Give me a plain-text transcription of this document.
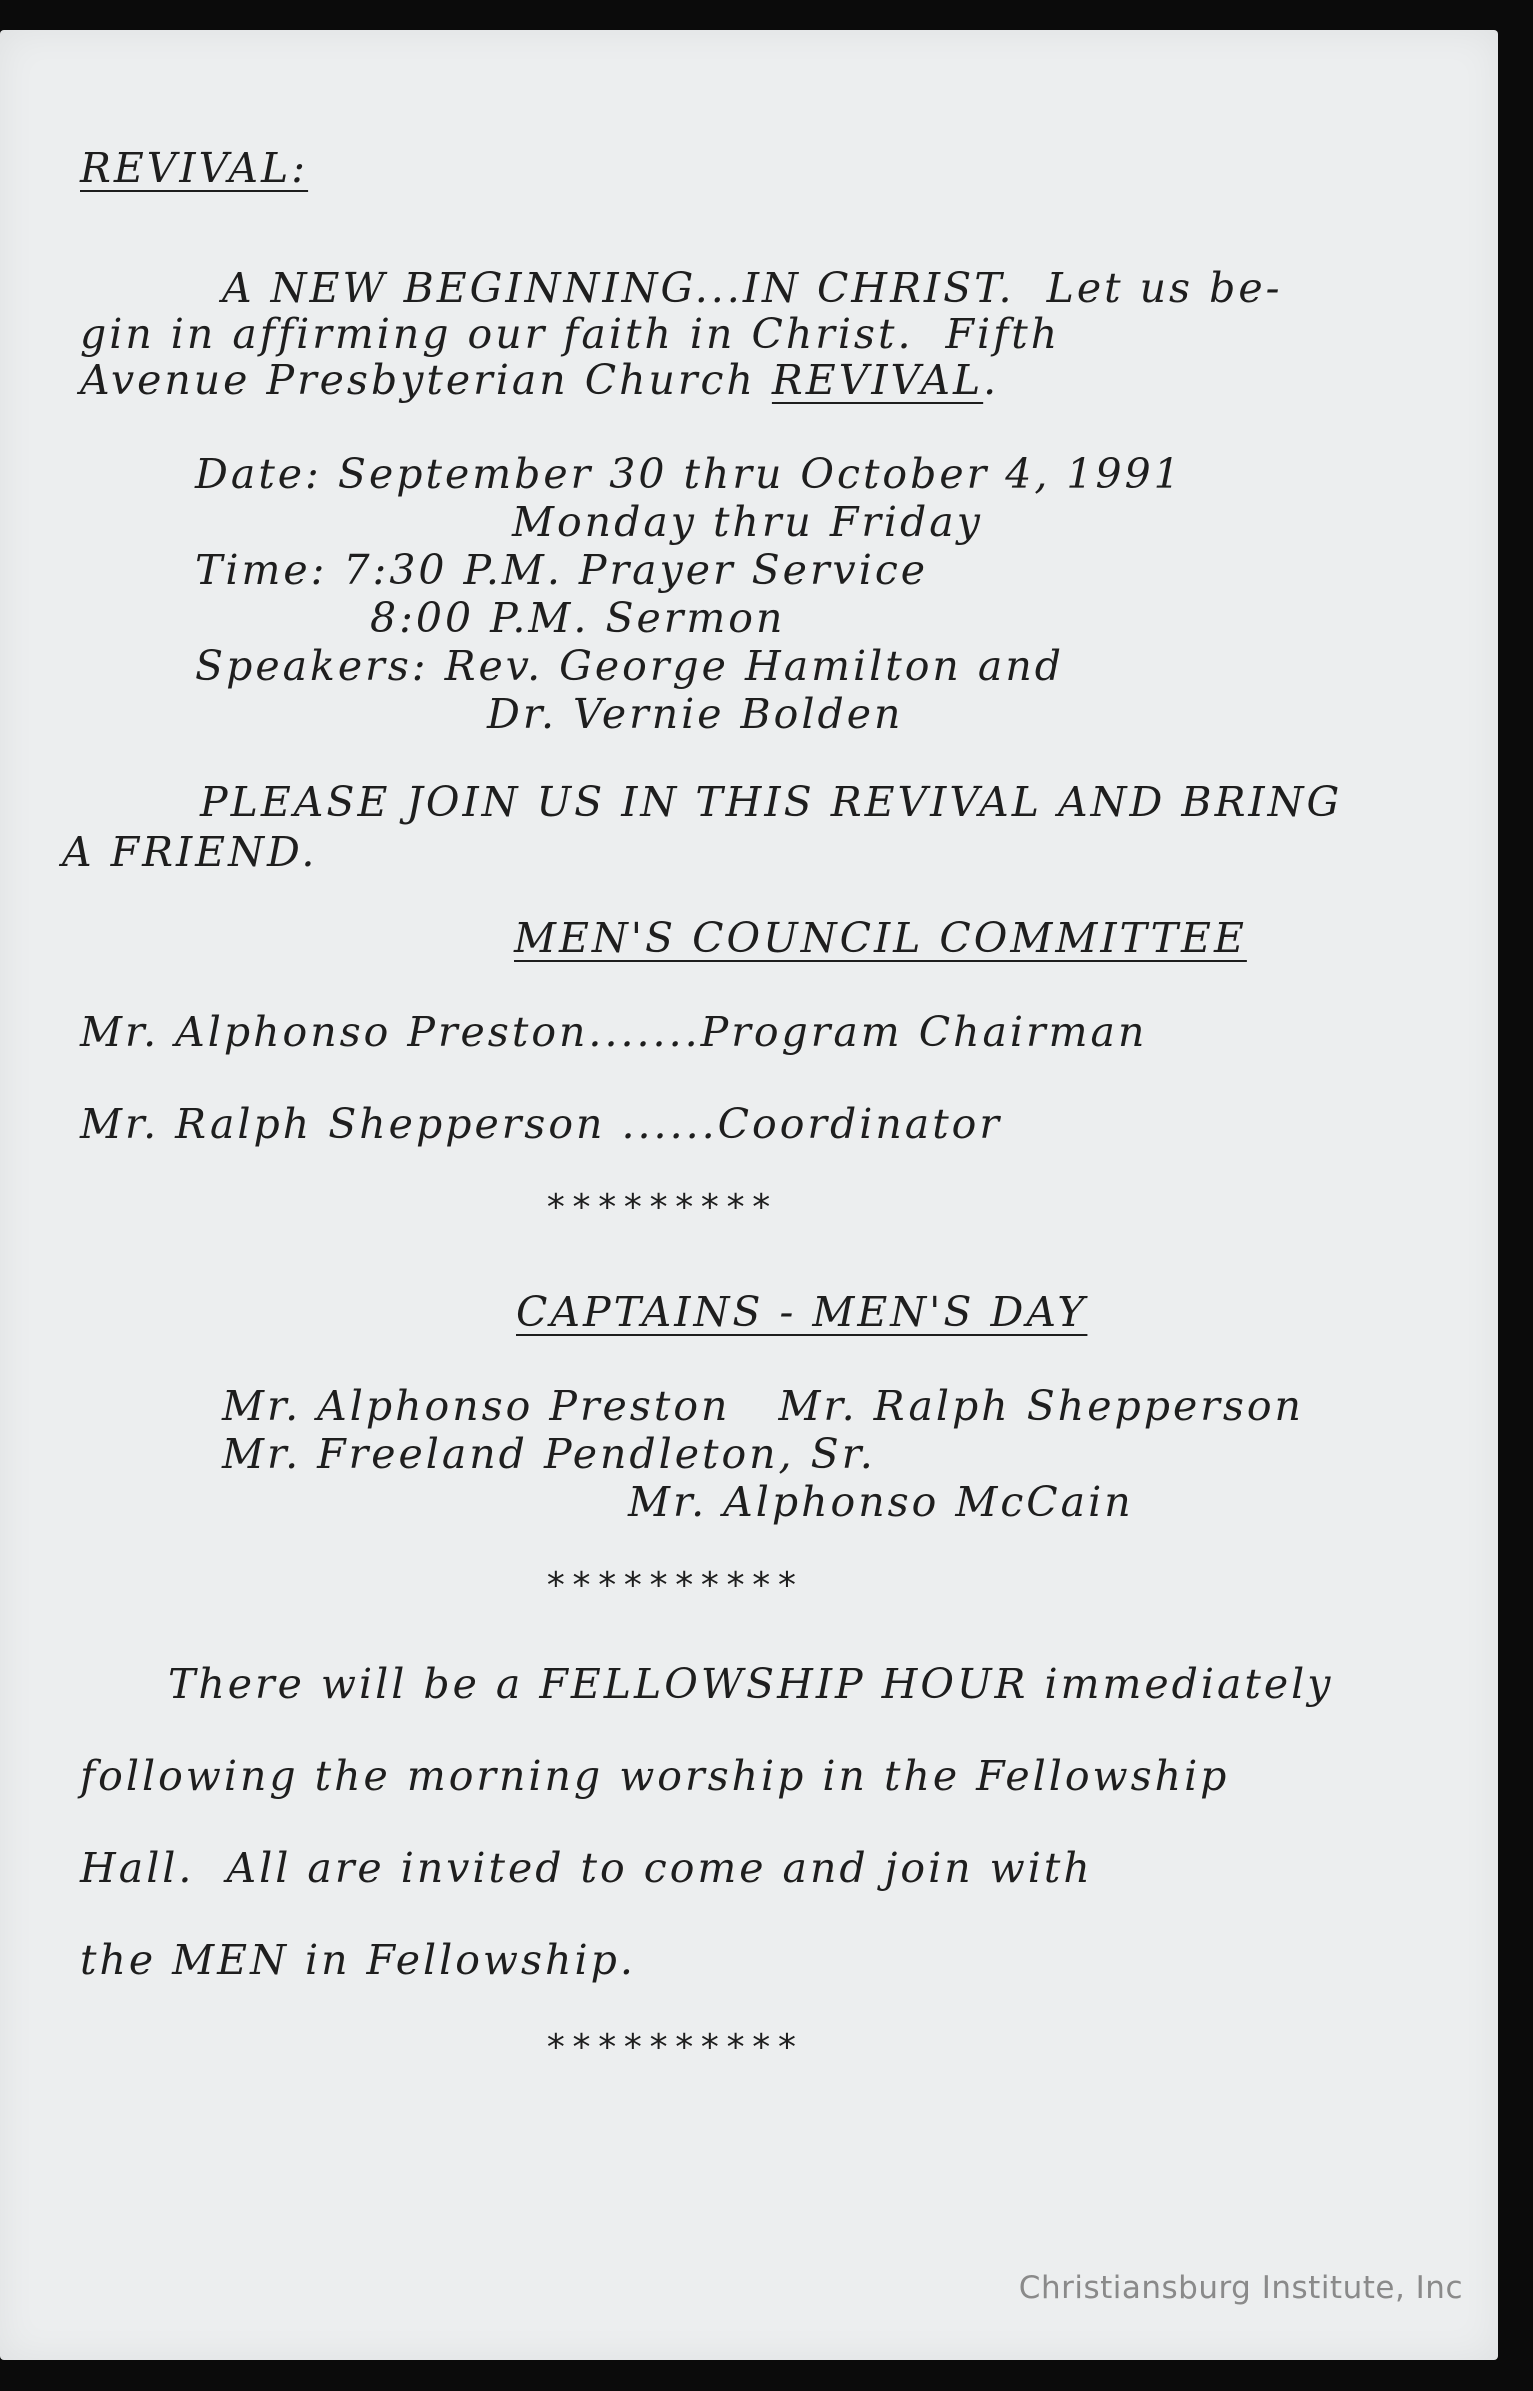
REVIVAL:
A NEW BEGINNING...IN CHRIST.  Let us be-
gin in affirming our faith in Christ.  Fifth
Avenue Presbyterian Church REVIVAL.
Date: September 30 thru October 4, 1991
Monday thru Friday
Time: 7:30 P.M. Prayer Service
8:00 P.M. Sermon
Speakers: Rev. George Hamilton and
Dr. Vernie Bolden
PLEASE JOIN US IN THIS REVIVAL AND BRING
A FRIEND.
MEN'S COUNCIL COMMITTEE
Mr. Alphonso Preston.......Program Chairman
Mr. Ralph Shepperson ......Coordinator
*********
CAPTAINS - MEN'S DAY
Mr. Alphonso Preston   Mr. Ralph Shepperson
Mr. Freeland Pendleton, Sr.
Mr. Alphonso McCain
**********
There will be a FELLOWSHIP HOUR immediately
following the morning worship in the Fellowship
Hall.  All are invited to come and join with
the MEN in Fellowship.
**********
Christiansburg Institute, Inc
